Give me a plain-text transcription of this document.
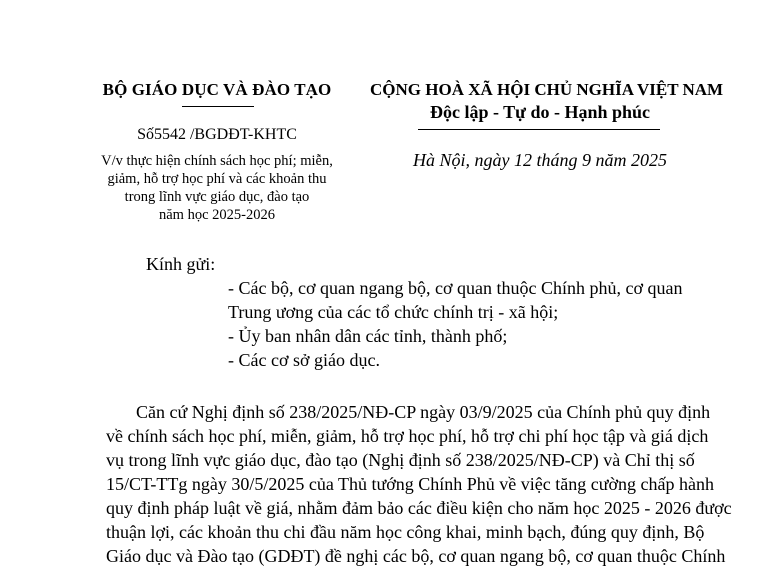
BỘ GIÁO DỤC VÀ ĐÀO TẠO
Số5542 /BGDĐT-KHTC
V/v thực hiện chính sách học phí; miễn,
giảm, hỗ trợ học phí và các khoản thu
trong lĩnh vực giáo dục, đào tạo
năm học 2025-2026
CỘNG HOÀ XÃ HỘI CHỦ NGHĨA VIỆT NAM
Độc lập - Tự do - Hạnh phúc
Hà Nội, ngày 12 tháng 9 năm 2025
Kính gửi:
- Các bộ, cơ quan ngang bộ, cơ quan thuộc Chính phủ, cơ quan
Trung ương của các tổ chức chính trị - xã hội;
- Ủy ban nhân dân các tỉnh, thành phố;
- Các cơ sở giáo dục.
Căn cứ Nghị định số 238/2025/NĐ-CP ngày 03/9/2025 của Chính phủ quy định
về chính sách học phí, miễn, giảm, hỗ trợ học phí, hỗ trợ chi phí học tập và giá dịch
vụ trong lĩnh vực giáo dục, đào tạo (Nghị định số 238/2025/NĐ-CP) và Chỉ thị số
15/CT-TTg ngày 30/5/2025 của Thủ tướng Chính Phủ về việc tăng cường chấp hành
quy định pháp luật về giá, nhằm đảm bảo các điều kiện cho năm học 2025 - 2026 được
thuận lợi, các khoản thu chi đầu năm học công khai, minh bạch, đúng quy định, Bộ
Giáo dục và Đào tạo (GDĐT) đề nghị các bộ, cơ quan ngang bộ, cơ quan thuộc Chính
